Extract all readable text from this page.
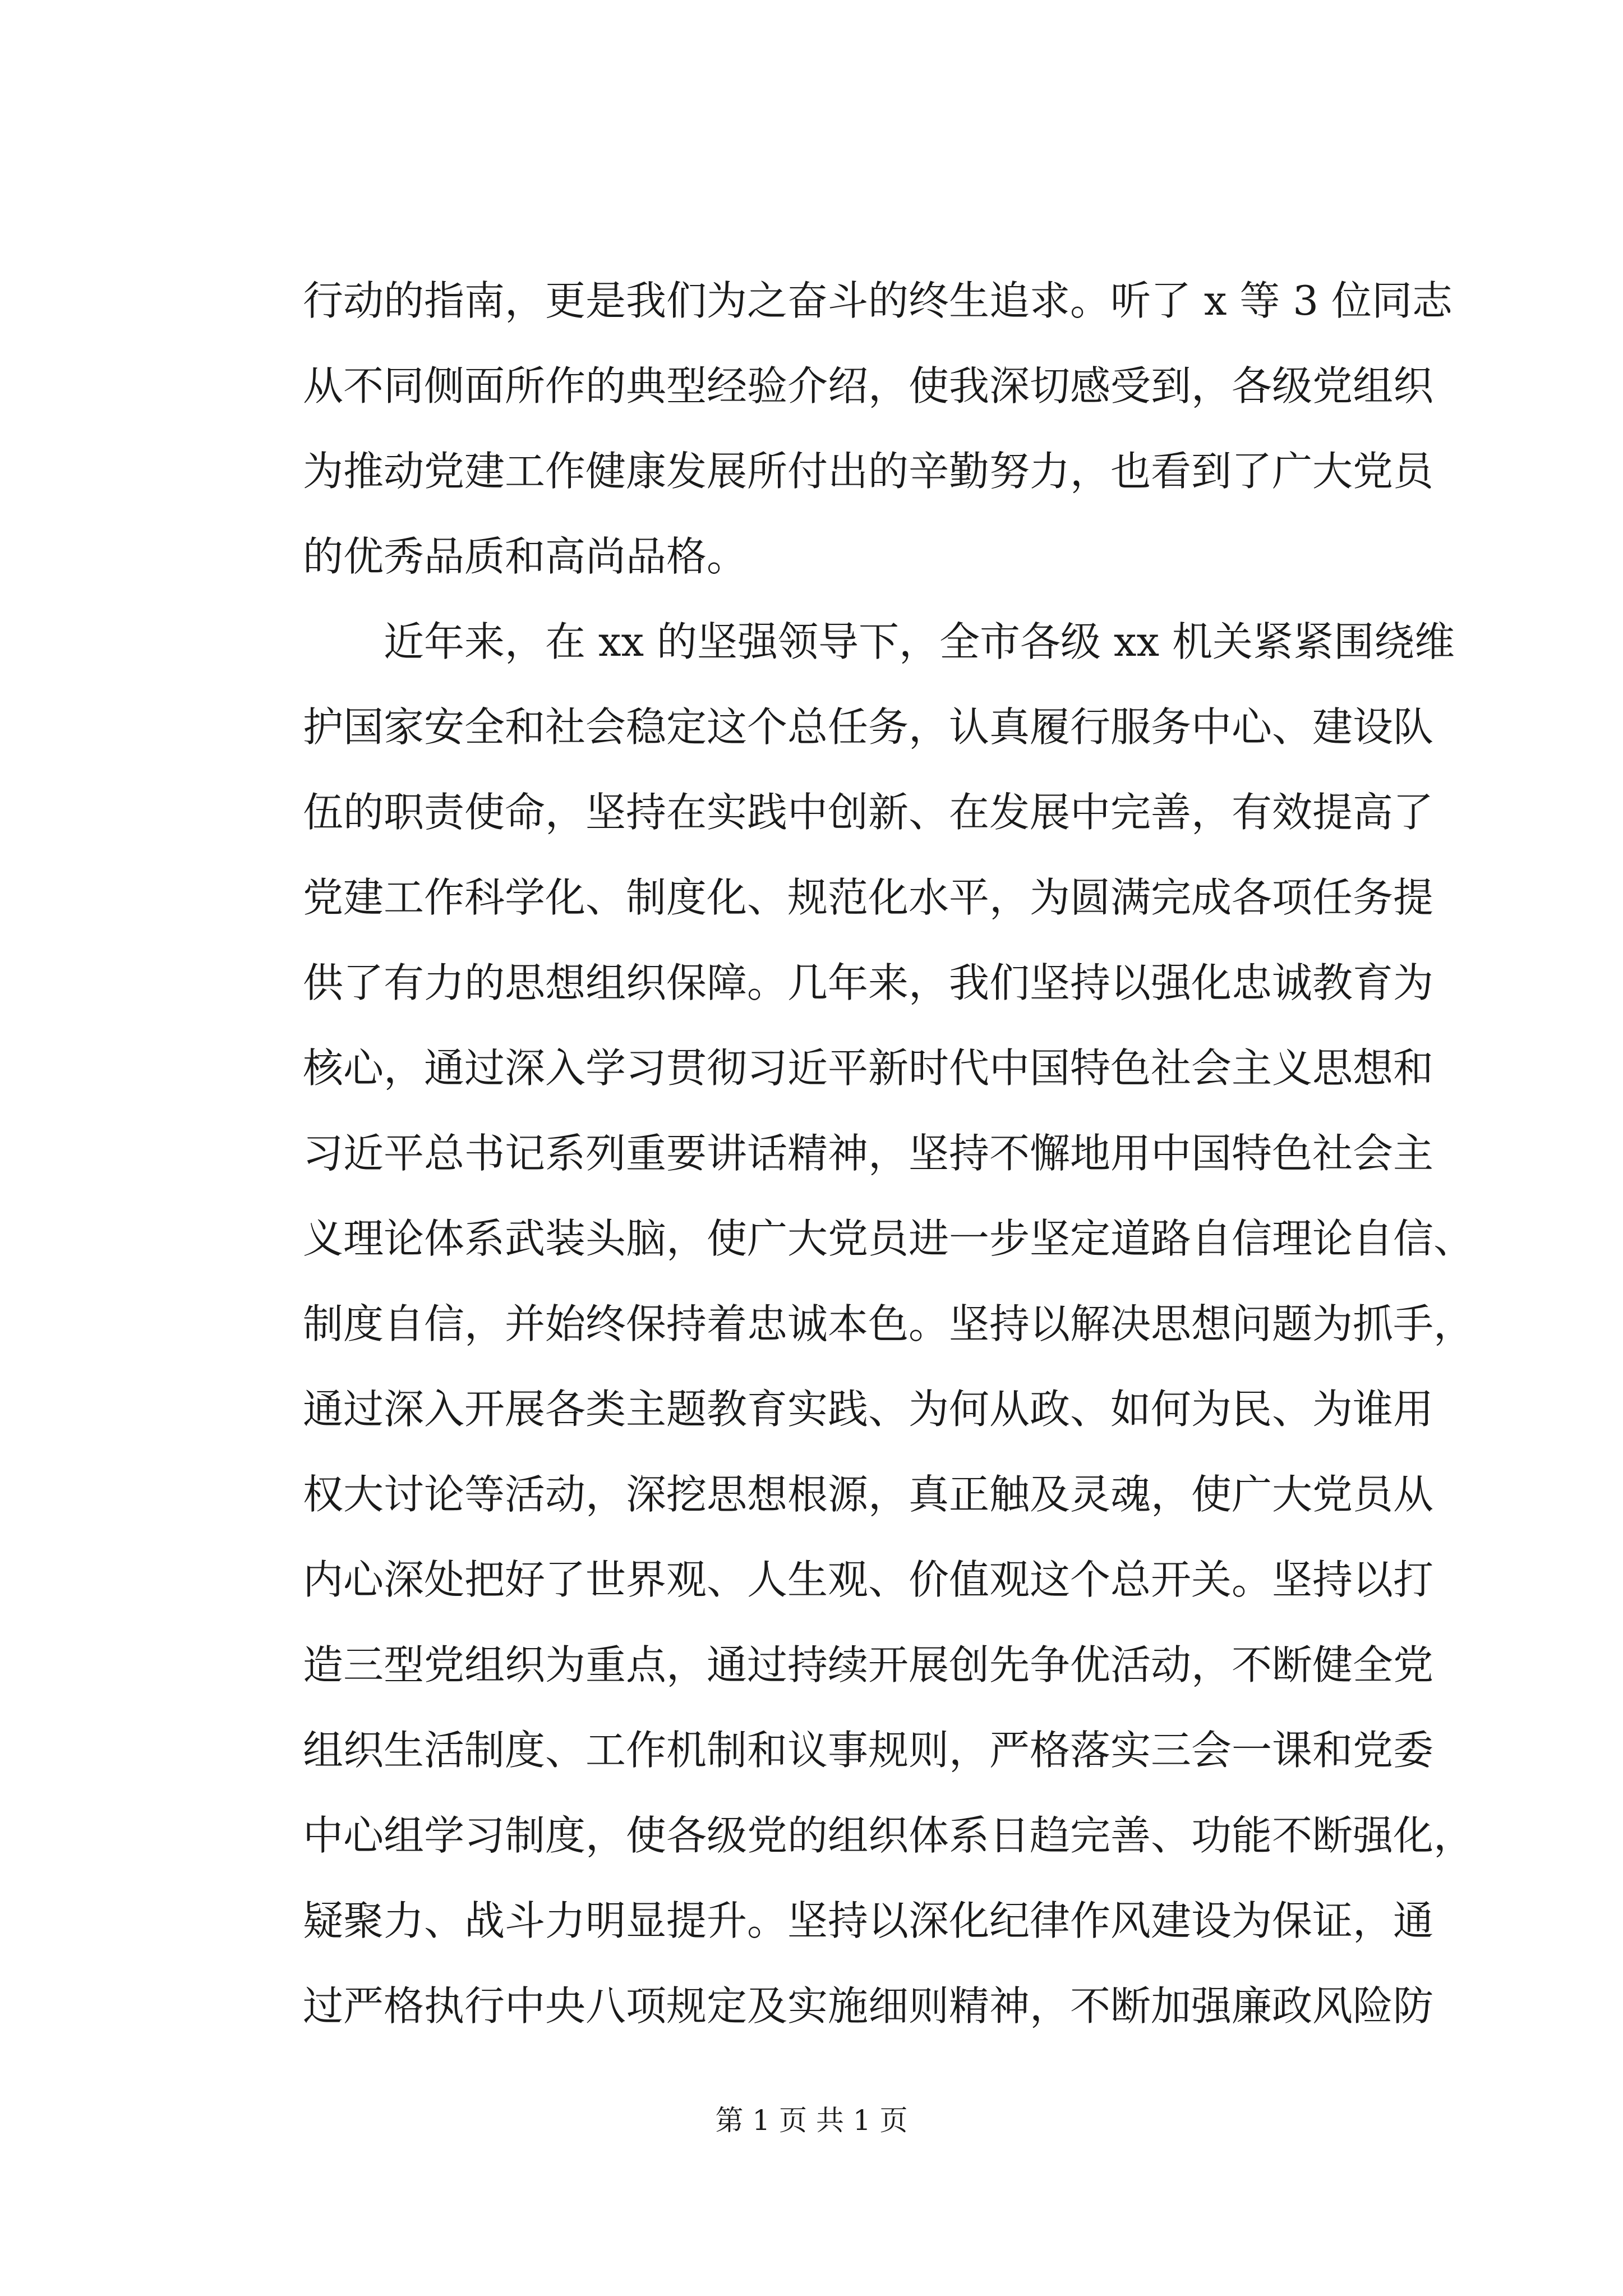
行动的指南，更是我们为之奋斗的终生追求。听了 x 等 3 位同志
从不同侧面所作的典型经验介绍，使我深切感受到，各级党组织
为推动党建工作健康发展所付出的辛勤努力，也看到了广大党员
的优秀品质和高尚品格。
　　近年来，在 xx 的坚强领导下，全市各级 xx 机关紧紧围绕维
护国家安全和社会稳定这个总任务，认真履行服务中心、建设队
伍的职责使命，坚持在实践中创新、在发展中完善，有效提高了
党建工作科学化、制度化、规范化水平，为圆满完成各项任务提
供了有力的思想组织保障。几年来，我们坚持以强化忠诚教育为
核心，通过深入学习贯彻习近平新时代中国特色社会主义思想和
习近平总书记系列重要讲话精神，坚持不懈地用中国特色社会主
义理论体系武装头脑，使广大党员进一步坚定道路自信理论自信、
制度自信，并始终保持着忠诚本色。坚持以解决思想问题为抓手，
通过深入开展各类主题教育实践、为何从政、如何为民、为谁用
权大讨论等活动，深挖思想根源，真正触及灵魂，使广大党员从
内心深处把好了世界观、人生观、价值观这个总开关。坚持以打
造三型党组织为重点，通过持续开展创先争优活动，不断健全党
组织生活制度、工作机制和议事规则，严格落实三会一课和党委
中心组学习制度，使各级党的组织体系日趋完善、功能不断强化，
疑聚力、战斗力明显提升。坚持以深化纪律作风建设为保证，通
过严格执行中央八项规定及实施细则精神，不断加强廉政风险防
第 1 页 共 1 页
